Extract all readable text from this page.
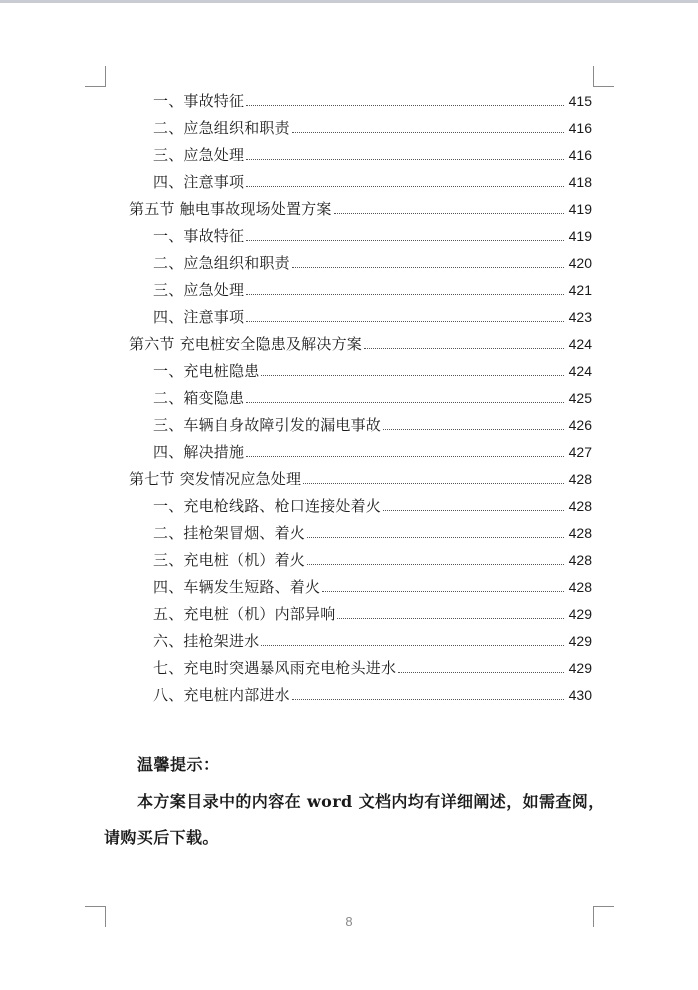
一、事故特征	415
二、应急组织和职责	416
三、应急处理	416
四、注意事项	418
第五节 触电事故现场处置方案	419
一、事故特征	419
二、应急组织和职责	420
三、应急处理	421
四、注意事项	423
第六节 充电桩安全隐患及解决方案	424
一、充电桩隐患	424
二、箱变隐患	425
三、车辆自身故障引发的漏电事故	426
四、解决措施	427
第七节 突发情况应急处理	428
一、充电枪线路、枪口连接处着火	428
二、挂枪架冒烟、着火	428
三、充电桩（机）着火	428
四、车辆发生短路、着火	428
五、充电桩（机）内部异响	429
六、挂枪架进水	429
七、充电时突遇暴风雨充电枪头进水	429
八、充电桩内部进水	430
温馨提示：
本方案目录中的内容在 word 文档内均有详细阐述，如需查阅，
请购买后下载。
8
